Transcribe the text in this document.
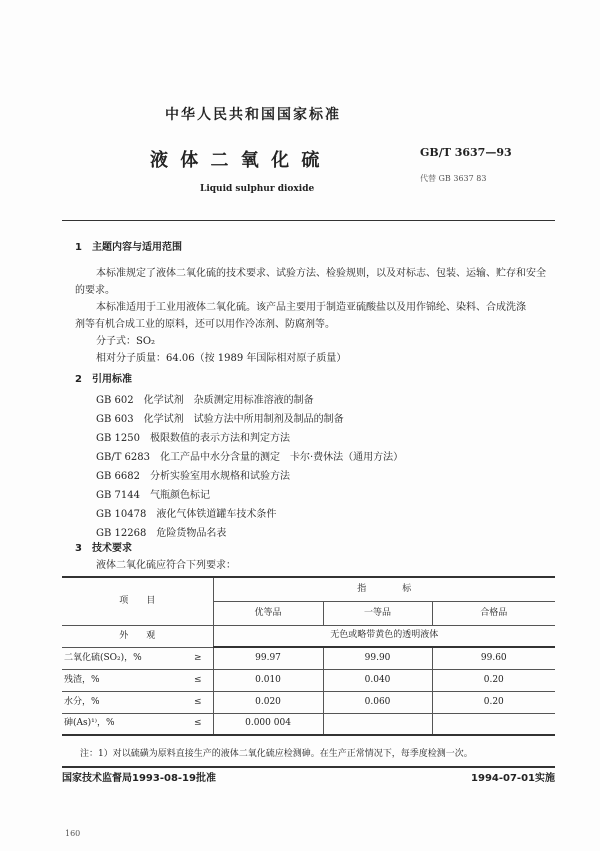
中华人民共和国国家标准
液 体 二 氧 化 硫
Liquid sulphur dioxide
GB/T 3637—93
代替 GB 3637 83
1　主题内容与适用范围
本标准规定了液体二氧化硫的技术要求、试验方法、检验规则，以及对标志、包装、运输、贮存和安全
的要求。
本标准适用于工业用液体二氧化硫。该产品主要用于制造亚硫酸盐以及用作锦纶、染料、合成洗涤
剂等有机合成工业的原料，还可以用作冷冻剂、防腐剂等。
分子式：SO₂
相对分子质量：64.06（按 1989 年国际相对原子质量）
2　引用标准
GB 602　化学试剂　杂质测定用标准溶液的制备
GB 603　化学试剂　试验方法中所用制剂及制品的制备
GB 1250　极限数值的表示方法和判定方法
GB/T 6283　化工产品中水分含量的测定　卡尔·费休法（通用方法）
GB 6682　分析实验室用水规格和试验方法
GB 7144　气瓶颜色标记
GB 10478　液化气体铁道罐车技术条件
GB 12268　危险货物品名表
3　技术要求
液体二氧化硫应符合下列要求：
项　　目		指　　　　标		
		优等品	一等品	合格品
外　　观		无色或略带黄色的透明液体		
二氧化硫(SO₂)，%	≥	99.97	99.90	99.60
残渣，%	≤	0.010	0.040	0.20
水分，%	≤	0.020	0.060	0.20
砷(As)¹⁾，%	≤	0.000 004		
注：1）对以硫磺为原料直接生产的液体二氧化硫应检测砷。在生产正常情况下，每季度检测一次。
国家技术监督局1993-08-19批准	1994-07-01实施
160
